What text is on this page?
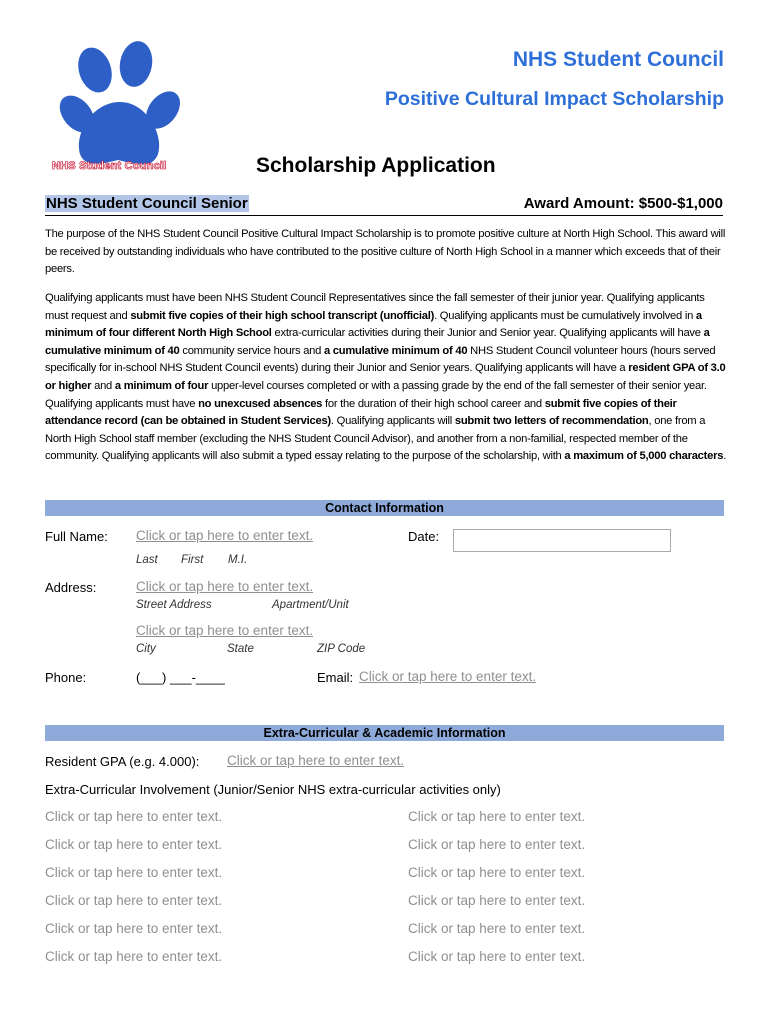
NHS Student Council
NHS Student Council
Positive Cultural Impact Scholarship
Scholarship Application
NHS Student Council Senior	Award Amount: $500-$1,000
The purpose of the NHS Student Council Positive Cultural Impact Scholarship is to promote positive culture at North High School. This award will be received by outstanding individuals who have contributed to the positive culture of North High School in a manner which exceeds that of their peers.
Qualifying applicants must have been NHS Student Council Representatives since the fall semester of their junior year. Qualifying applicants must request and submit five copies of their high school transcript (unofficial). Qualifying applicants must be cumulatively involved in a minimum of four different North High School extra-curricular activities during their Junior and Senior year. Qualifying applicants will have a cumulative minimum of 40 community service hours and a cumulative minimum of 40 NHS Student Council volunteer hours (hours served specifically for in-school NHS Student Council events) during their Junior and Senior years. Qualifying applicants will have a resident GPA of 3.0 or higher and a minimum of four upper-level courses completed or with a passing grade by the end of the fall semester of their senior year. Qualifying applicants must have no unexcused absences for the duration of their high school career and submit five copies of their attendance record (can be obtained in Student Services). Qualifying applicants will submit two letters of recommendation, one from a North High School staff member (excluding the NHS Student Council Advisor), and another from a non-familial, respected member of the community. Qualifying applicants will also submit a typed essay relating to the purpose of the scholarship, with a maximum of 5,000 characters.
Contact Information
Full Name: Click or tap here to enter text.	Date:
Last First M.I.
Address:	Click or tap here to enter text.
Street Address	Apartment/Unit
Click or tap here to enter text.
City	State	ZIP Code
Phone:	(___) ___-____	Email: Click or tap here to enter text.
Extra-Curricular & Academic Information
Resident GPA (e.g. 4.000): Click or tap here to enter text.
Extra-Curricular Involvement (Junior/Senior NHS extra-curricular activities only)
Click or tap here to enter text.	Click or tap here to enter text.
Click or tap here to enter text.	Click or tap here to enter text.
Click or tap here to enter text.	Click or tap here to enter text.
Click or tap here to enter text.	Click or tap here to enter text.
Click or tap here to enter text.	Click or tap here to enter text.
Click or tap here to enter text.	Click or tap here to enter text.
